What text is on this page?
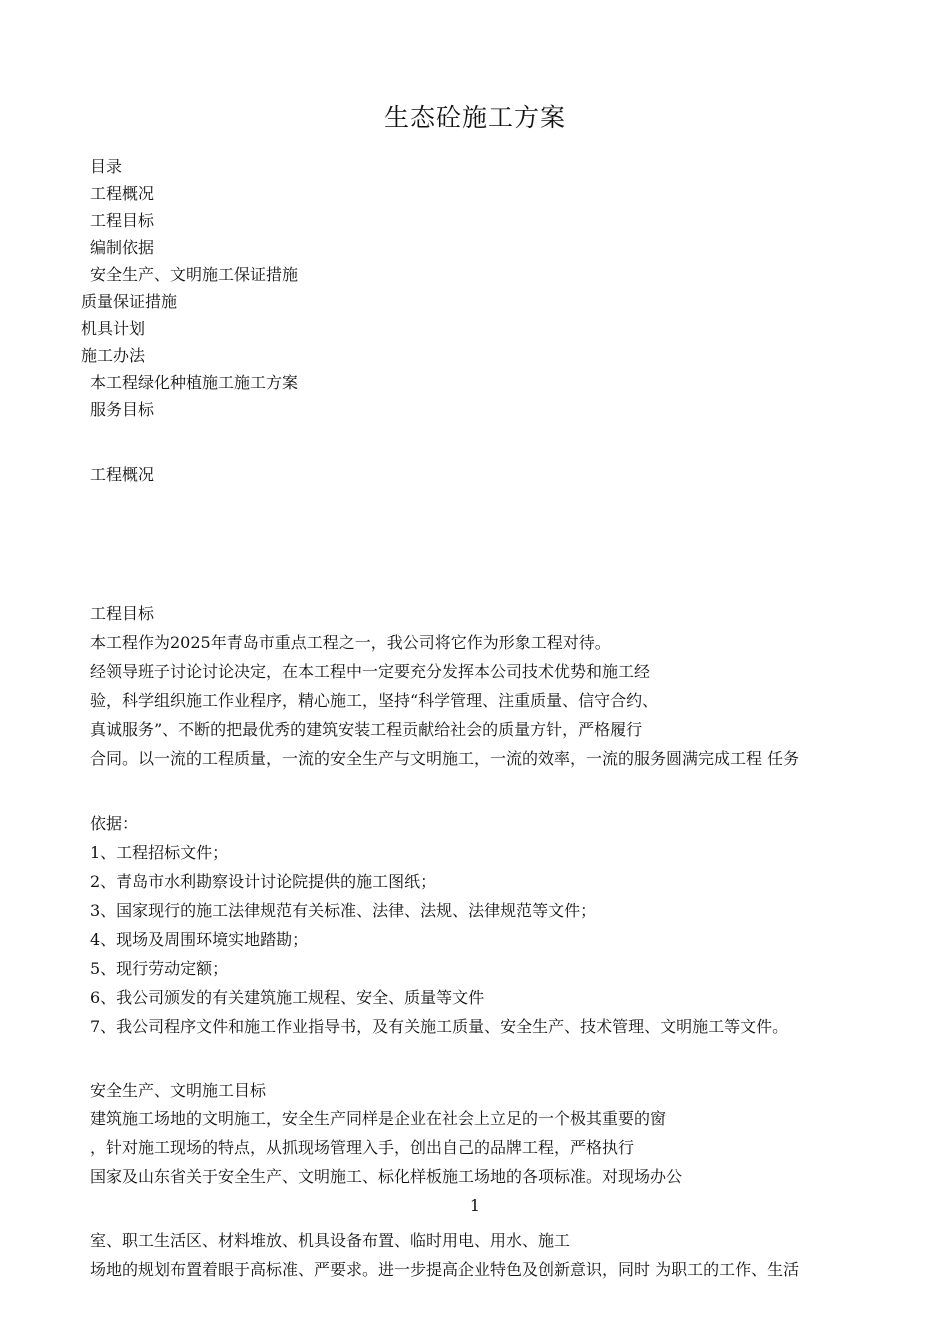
生态砼施工方案
目录
工程概况
工程目标
编制依据
安全生产、文明施工保证措施
质量保证措施
机具计划
施工办法
本工程绿化种植施工施工方案
服务目标
工程概况
工程目标
本工程作为2025年青岛市重点工程之一，我公司将它作为形象工程对待。
经领导班子讨论讨论决定，在本工程中一定要充分发挥本公司技术优势和施工经
验，科学组织施工作业程序，精心施工，坚持“科学管理、注重质量、信守合约、
真诚服务”、不断的把最优秀的建筑安装工程贡献给社会的质量方针，严格履行
合同。以一流的工程质量，一流的安全生产与文明施工，一流的效率，一流的服务圆满完成工程 任务
依据：
1、工程招标文件；
2、青岛市水利勘察设计讨论院提供的施工图纸；
3、国家现行的施工法律规范有关标准、法律、法规、法律规范等文件；
4、现场及周围环境实地踏勘；
5、现行劳动定额；
6、我公司颁发的有关建筑施工规程、安全、质量等文件
7、我公司程序文件和施工作业指导书，及有关施工质量、安全生产、技术管理、文明施工等文件。
安全生产、文明施工目标
建筑施工场地的文明施工，安全生产同样是企业在社会上立足的一个极其重要的窗
，针对施工现场的特点，从抓现场管理入手，创出自己的品牌工程，严格执行
国家及山东省关于安全生产、文明施工、标化样板施工场地的各项标准。对现场办公
1
室、职工生活区、材料堆放、机具设备布置、临时用电、用水、施工
场地的规划布置着眼于高标准、严要求。进一步提高企业特色及创新意识，同时 为职工的工作、生活
